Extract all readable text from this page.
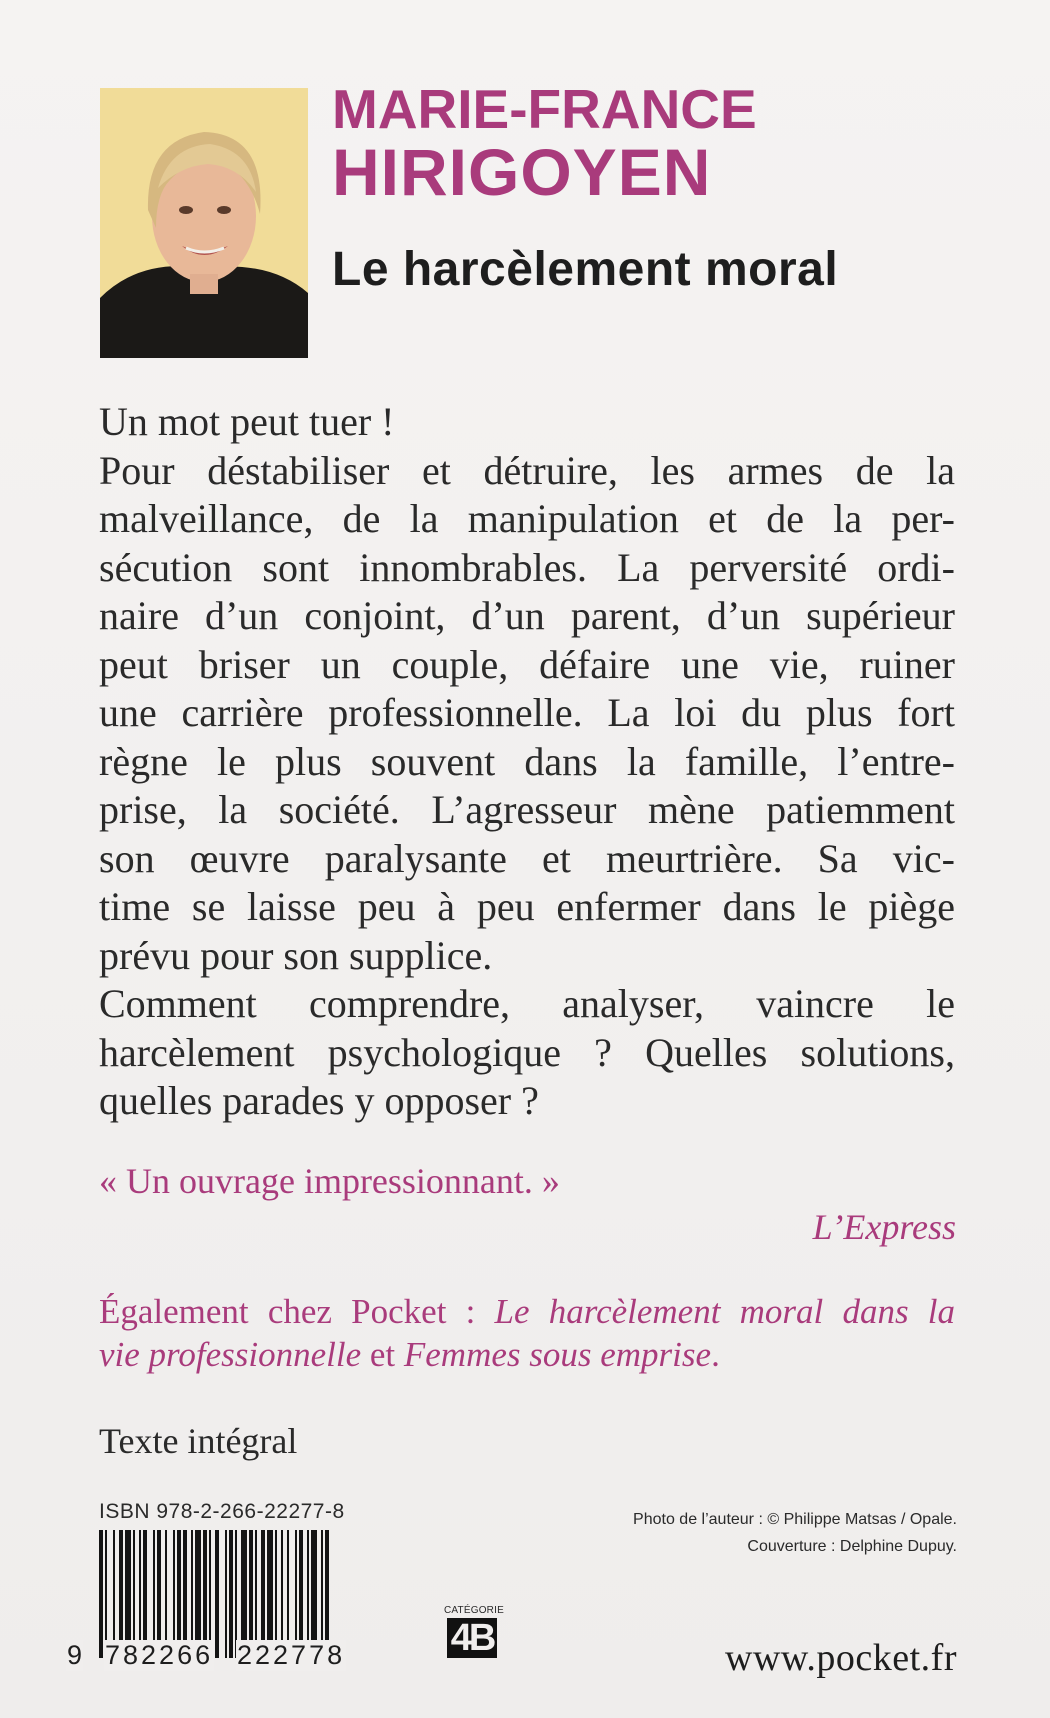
MARIE-FRANCE
HIRIGOYEN
Le harcèlement moral
Un mot peut tuer !
Pour déstabiliser et détruire, les armes de la
malveillance, de la manipulation et de la per-
sécution sont innombrables. La perversité ordi-
naire d’un conjoint, d’un parent, d’un supérieur
peut briser un couple, défaire une vie, ruiner
une carrière professionnelle. La loi du plus fort
règne le plus souvent dans la famille, l’entre-
prise, la société. L’agresseur mène patiemment
son œuvre paralysante et meurtrière. Sa vic-
time se laisse peu à peu enfermer dans le piège
prévu pour son supplice.
Comment comprendre, analyser, vaincre le
harcèlement psychologique ? Quelles solutions,
quelles parades y opposer ?
« Un ouvrage impressionnant. »
L’Express
Également chez Pocket : Le harcèlement moral dans la
vie professionnelle et Femmes sous emprise.
Texte intégral
ISBN 978-2-266-22277-8
9 782266 222778
Photo de l’auteur : © Philippe Matsas / Opale.
Couverture : Delphine Dupuy.
CATÉGORIE
4B	www.pocket.fr
